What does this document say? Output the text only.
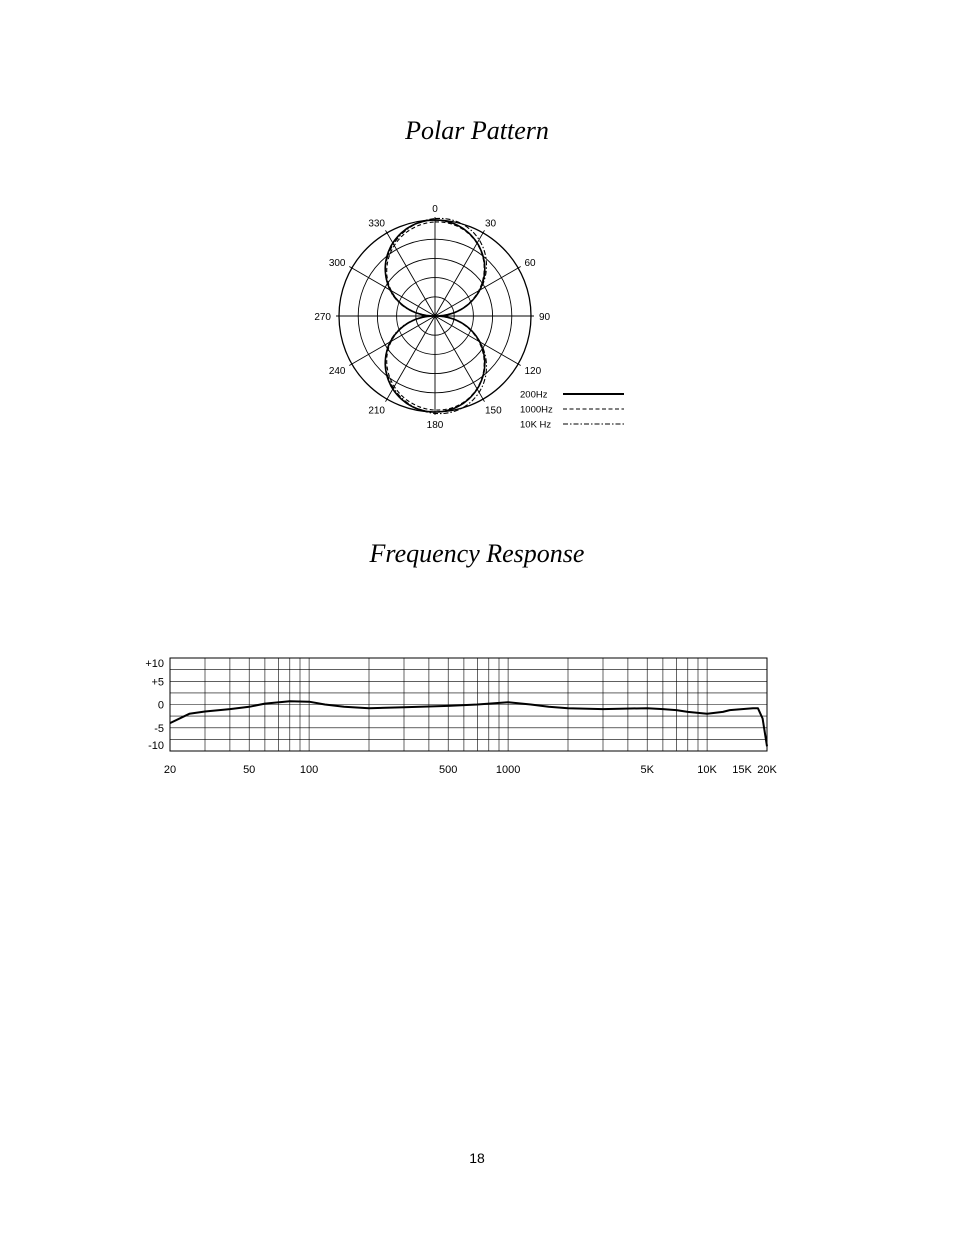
Polar Pattern
0
30
60
90
120
150
180
210
240
270
300
330
200Hz
1000Hz
10K Hz
Frequency Response
+10
+5
0
-5
-10
20	50	100	500	1000	5K	10K 15K 20K
18
